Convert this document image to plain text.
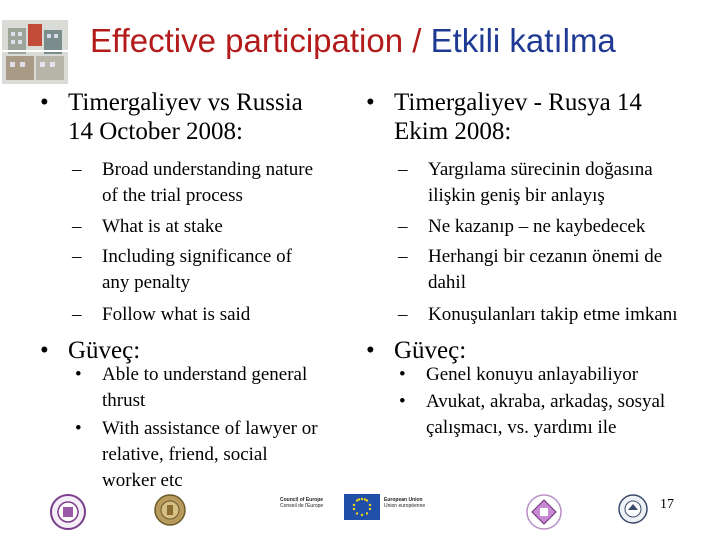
Effective participation / Etkili katılma
• Timergaliyev vs Russia
14 October 2008:
– Broad understanding nature
of the trial process
– What is at stake
– Including significance of
any penalty
– Follow what is said
• Güveç:
• Able to understand general
thrust
• With assistance of lawyer or
relative, friend, social
worker etc
• Timergaliyev - Rusya 14
Ekim 2008:
– Yargılama sürecinin doğasına
ilişkin geniş bir anlayış
– Ne kazanıp – ne kaybedecek
– Herhangi bir cezanın önemi de
dahil
– Konuşulanları takip etme imkanı
• Güveç:
• Genel konuyu anlayabiliyor
• Avukat, akraba, arkadaş, sosyal
çalışmacı, vs. yardımı ile
Council of Europe
Conseil de l'Europe
European Union
Union européenne	17
